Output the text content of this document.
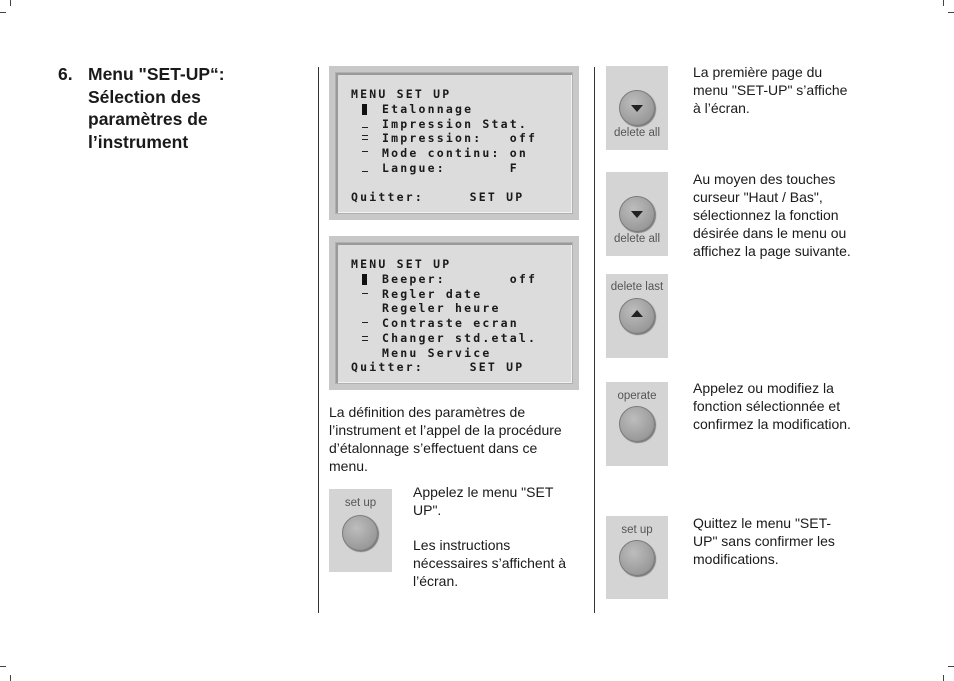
6. Menu "SET-UP“: Sélection des paramètres de l’instrument
MENU SET UP
Etalonnage
Impression Stat.
Impression:   off
Mode continu: on
Langue:       F
Quitter:     SET UP
MENU SET UP
Beeper:       off
Regler date
Regeler heure
Contraste ecran
Changer std.etal.
Menu Service
Quitter:     SET UP
La définition des paramètres de l’instrument et l’appel de la procédure d’étalonnage s’effectuent dans ce menu.
set up
Appelez le menu "SET UP".
Les instructions nécessaires s’affichent à l’écran.
delete all
delete all
delete last
operate
set up
La première page du menu "SET-UP" s’affiche à l’écran.
Au moyen des touches curseur "Haut / Bas", sélectionnez la fonction désirée dans le menu ou affichez la page suivante.
Appelez ou modifiez la fonction sélectionnée et confirmez la modification.
Quittez le menu "SET-UP" sans confirmer les modifications.
